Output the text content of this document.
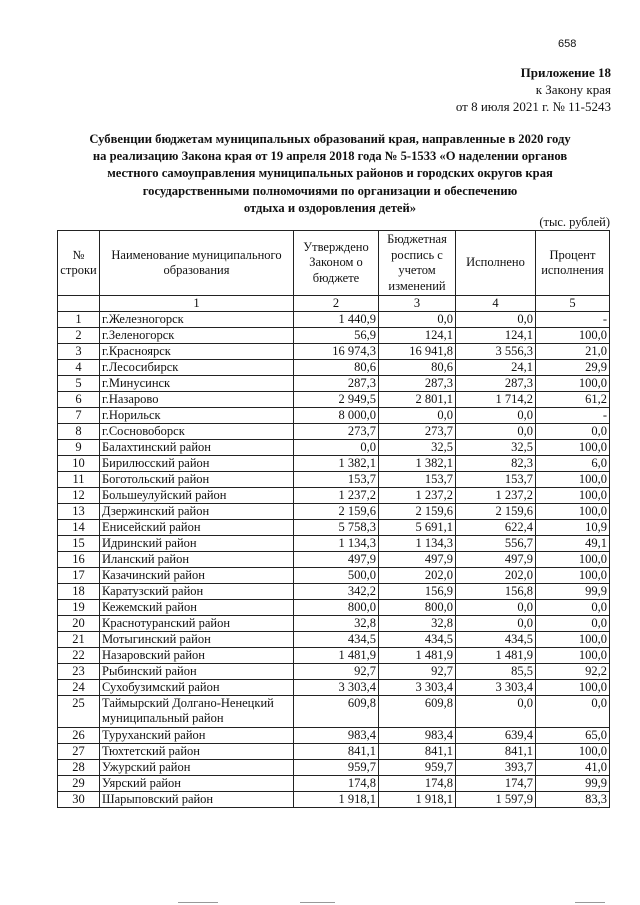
658
Приложение 18
к Закону края
от 8 июля 2021 г. № 11-5243
Субвенции бюджетам муниципальных образований края, направленные в 2020 году
на реализацию Закона края от 19 апреля 2018 года № 5-1533 «О наделении органов
местного самоуправления муниципальных районов и городских округов края
государственными полномочиями по организации и обеспечению
отдыха и оздоровления детей»
(тыс. рублей)
№ строки	Наименование муниципального образования	Утверждено Законом о бюджете	Бюджетная роспись с учетом изменений	Исполнено	Процент исполнения
	1	2	3	4	5
1	г.Железногорск	1 440,9	0,0	0,0	-
2	г.Зеленогорск	56,9	124,1	124,1	100,0
3	г.Красноярск	16 974,3	16 941,8	3 556,3	21,0
4	г.Лесосибирск	80,6	80,6	24,1	29,9
5	г.Минусинск	287,3	287,3	287,3	100,0
6	г.Назарово	2 949,5	2 801,1	1 714,2	61,2
7	г.Норильск	8 000,0	0,0	0,0	-
8	г.Сосновоборск	273,7	273,7	0,0	0,0
9	Балахтинский район	0,0	32,5	32,5	100,0
10	Бирилюсский район	1 382,1	1 382,1	82,3	6,0
11	Боготольский район	153,7	153,7	153,7	100,0
12	Большеулуйский район	1 237,2	1 237,2	1 237,2	100,0
13	Дзержинский район	2 159,6	2 159,6	2 159,6	100,0
14	Енисейский район	5 758,3	5 691,1	622,4	10,9
15	Идринский район	1 134,3	1 134,3	556,7	49,1
16	Иланский район	497,9	497,9	497,9	100,0
17	Казачинский район	500,0	202,0	202,0	100,0
18	Каратузский район	342,2	156,9	156,8	99,9
19	Кежемский район	800,0	800,0	0,0	0,0
20	Краснотуранский район	32,8	32,8	0,0	0,0
21	Мотыгинский район	434,5	434,5	434,5	100,0
22	Назаровский район	1 481,9	1 481,9	1 481,9	100,0
23	Рыбинский район	92,7	92,7	85,5	92,2
24	Сухобузимский район	3 303,4	3 303,4	3 303,4	100,0
25	Таймырский Долгано-Ненецкий муниципальный район	609,8	609,8	0,0	0,0
26	Туруханский район	983,4	983,4	639,4	65,0
27	Тюхтетский район	841,1	841,1	841,1	100,0
28	Ужурский район	959,7	959,7	393,7	41,0
29	Уярский район	174,8	174,8	174,7	99,9
30	Шарыповский район	1 918,1	1 918,1	1 597,9	83,3
